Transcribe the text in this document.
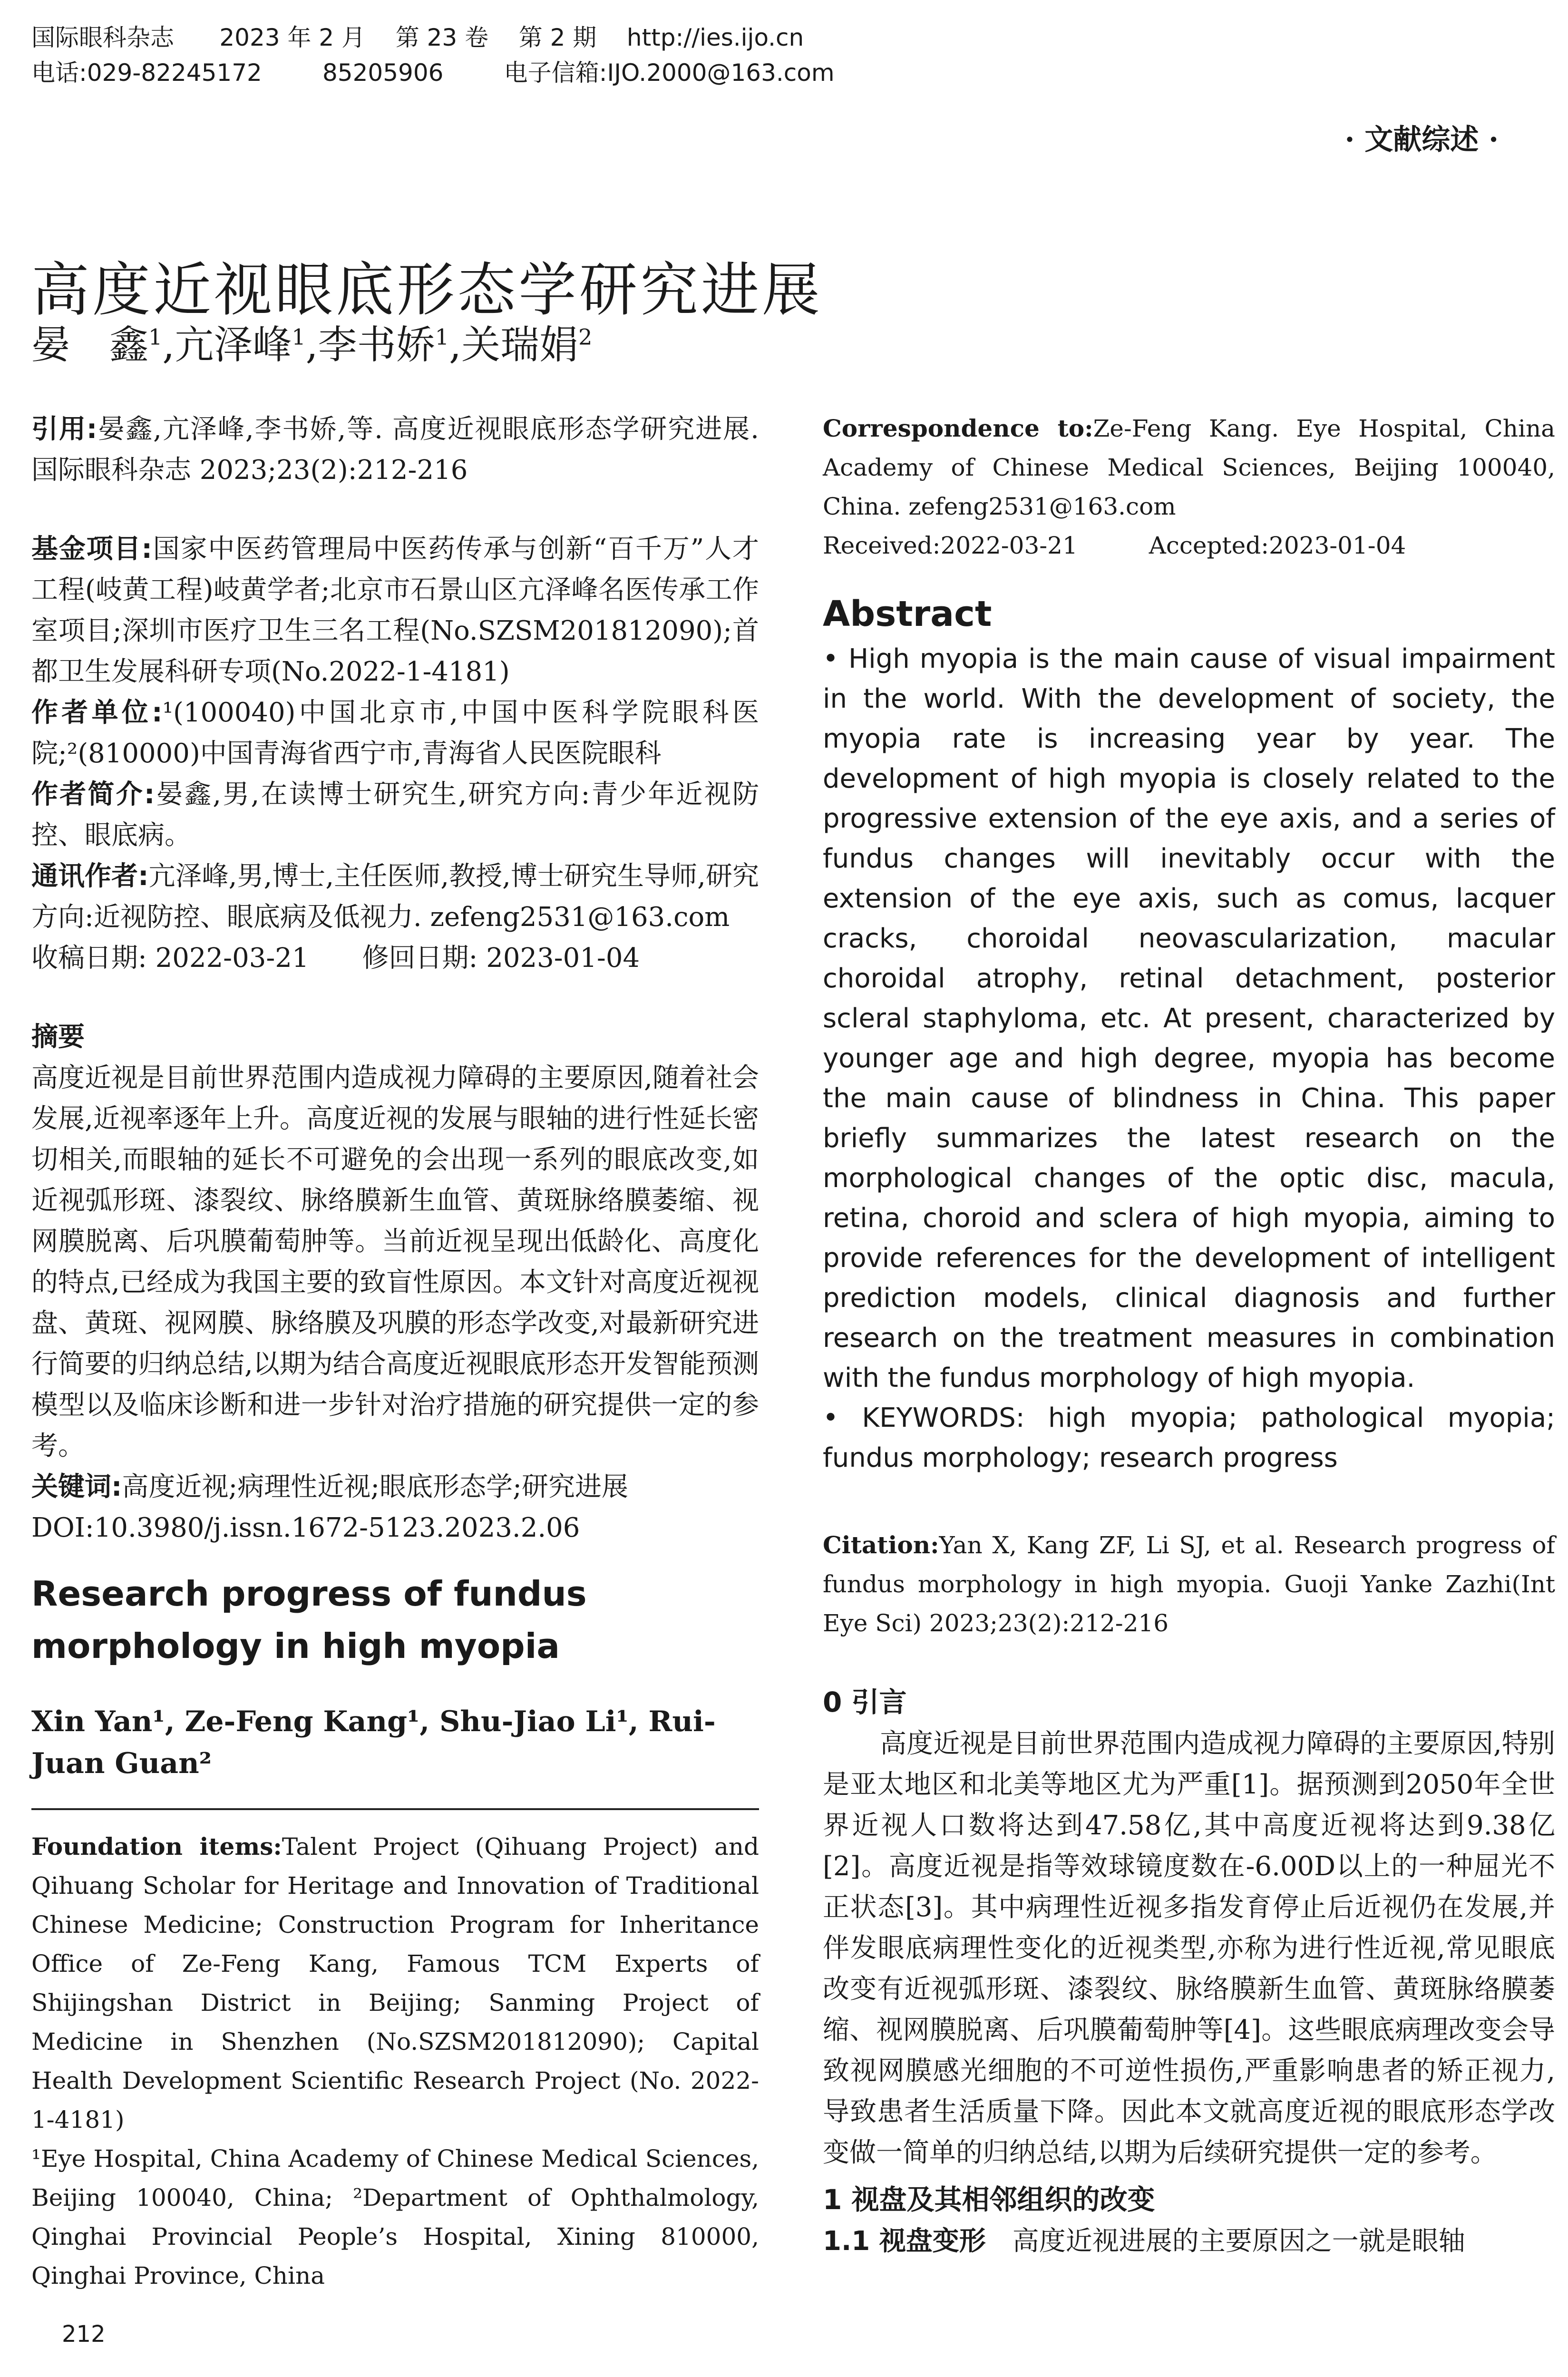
国际眼科杂志 2023 年 2 月 第 23 卷 第 2 期 http://ies.ijo.cn
电话:029-82245172	85205906	电子信箱:IJO.2000@163.com
· 文献综述 ·
高度近视眼底形态学研究进展
晏　鑫$^1$,亢泽峰$^1$,李书娇$^1$,关瑞娟$^2$

引用:晏鑫,亢泽峰,李书娇,等. 高度近视眼底形态学研究进展. 国际眼科杂志 2023;23(2):212-216

基金项目:国家中医药管理局中医药传承与创新“百千万”人才工程(岐黄工程)岐黄学者;北京市石景山区亢泽峰名医传承工作室项目;深圳市医疗卫生三名工程(No.SZSM201812090);首都卫生发展科研专项(No.2022-1-4181)

作者单位:¹(100040)中国北京市,中国中医科学院眼科医院;²(810000)中国青海省西宁市,青海省人民医院眼科

作者简介:晏鑫,男,在读博士研究生,研究方向:青少年近视防控、眼底病。

通讯作者:亢泽峰,男,博士,主任医师,教授,博士研究生导师,研究方向:近视防控、眼底病及低视力. zefeng2531@163.com

收稿日期: 2022-03-21   修回日期: 2023-01-04

摘要

高度近视是目前世界范围内造成视力障碍的主要原因,随着社会发展,近视率逐年上升。高度近视的发展与眼轴的进行性延长密切相关,而眼轴的延长不可避免的会出现一系列的眼底改变,如近视弧形斑、漆裂纹、脉络膜新生血管、黄斑脉络膜萎缩、视网膜脱离、后巩膜葡萄肿等。当前近视呈现出低龄化、高度化的特点,已经成为我国主要的致盲性原因。本文针对高度近视视盘、黄斑、视网膜、脉络膜及巩膜的形态学改变,对最新研究进行简要的归纳总结,以期为结合高度近视眼底形态开发智能预测模型以及临床诊断和进一步针对治疗措施的研究提供一定的参考。

关键词:高度近视;病理性近视;眼底形态学;研究进展

DOI:10.3980/j.issn.1672-5123.2023.2.06

Research progress of fundus morphology in high myopia
Xin Yan¹, Ze-Feng Kang¹, Shu-Jiao Li¹, Rui-Juan Guan²

Foundation items:Talent Project (Qihuang Project) and Qihuang Scholar for Heritage and Innovation of Traditional Chinese Medicine; Construction Program for Inheritance Office of Ze-Feng Kang, Famous TCM Experts of Shijingshan District in Beijing; Sanming Project of Medicine in Shenzhen (No.SZSM201812090); Capital Health Development Scientific Research Project (No. 2022-1-4181)

¹Eye Hospital, China Academy of Chinese Medical Sciences, Beijing 100040, China; ²Department of Ophthalmology, Qinghai Provincial People’s Hospital, Xining 810000, Qinghai Province, China

Correspondence to:Ze-Feng Kang. Eye Hospital, China Academy of Chinese Medical Sciences, Beijing 100040, China. zefeng2531@163.com

Received:2022-03-21   	Accepted:2023-01-04

Abstract
• High myopia is the main cause of visual impairment in the world. With the development of society, the myopia rate is increasing year by year. The development of high myopia is closely related to the progressive extension of the eye axis, and a series of fundus changes will inevitably occur with the extension of the eye axis, such as comus, lacquer cracks, choroidal neovascularization, macular choroidal atrophy, retinal detachment, posterior scleral staphyloma, etc. At present, characterized by younger age and high degree, myopia has become the main cause of blindness in China. This paper briefly summarizes the latest research on the morphological changes of the optic disc, macula, retina, choroid and sclera of high myopia, aiming to provide references for the development of intelligent prediction models, clinical diagnosis and further research on the treatment measures in combination with the fundus morphology of high myopia.
• KEYWORDS: high myopia; pathological myopia; fundus morphology; research progress

Citation:Yan X, Kang ZF, Li SJ, et al. Research progress of fundus morphology in high myopia. Guoji Yanke Zazhi(Int Eye Sci) 2023;23(2):212-216

0 引言

高度近视是目前世界范围内造成视力障碍的主要原因,特别是亚太地区和北美等地区尤为严重[1]。据预测到2050年全世界近视人口数将达到47.58亿,其中高度近视将达到9.38亿[2]。高度近视是指等效球镜度数在-6.00D以上的一种屈光不正状态[3]。其中病理性近视多指发育停止后近视仍在发展,并伴发眼底病理性变化的近视类型,亦称为进行性近视,常见眼底改变有近视弧形斑、漆裂纹、脉络膜新生血管、黄斑脉络膜萎缩、视网膜脱离、后巩膜葡萄肿等[4]。这些眼底病理改变会导致视网膜感光细胞的不可逆性损伤,严重影响患者的矫正视力,导致患者生活质量下降。因此本文就高度近视的眼底形态学改变做一简单的归纳总结,以期为后续研究提供一定的参考。

1 视盘及其相邻组织的改变

1.1 视盘变形  高度近视进展的主要原因之一就是眼轴

212
